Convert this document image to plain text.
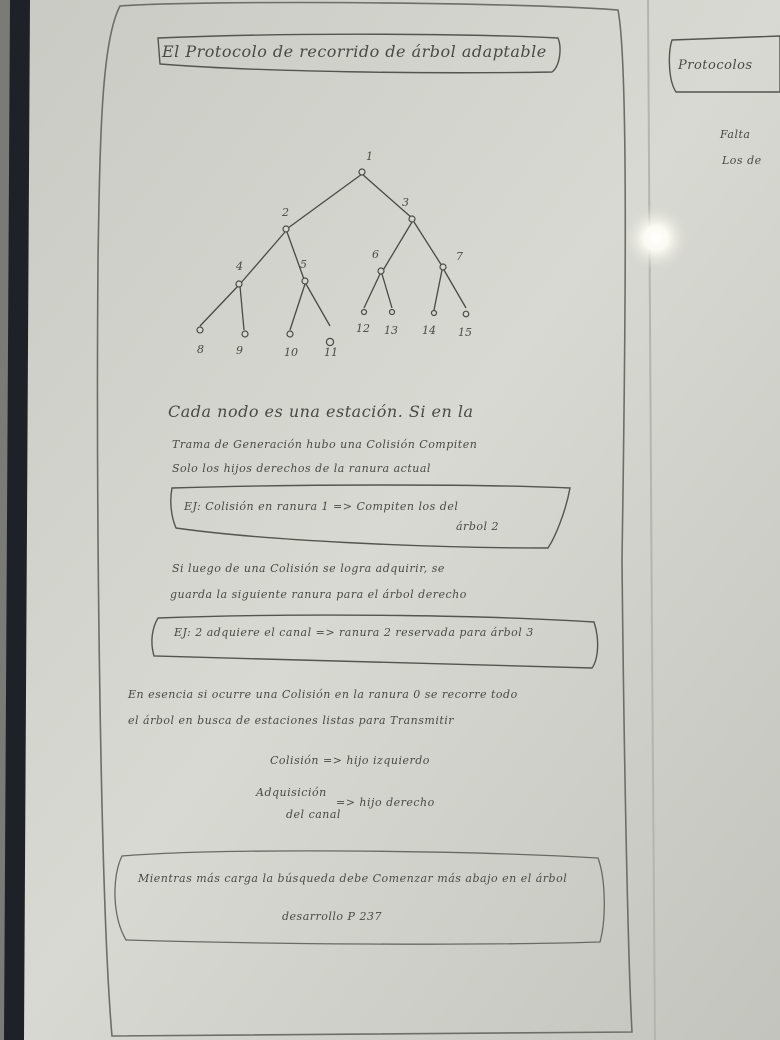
El Protocolo de recorrido de árbol adaptable
Protocolos
Falta
Los de
1
2
3
4	5
6	7
8	9	10 11
12 13 14 15
Cada nodo es una estación. Si en la
Trama de Generación hubo una Colisión Compiten
Solo los hijos derechos de la ranura actual
EJ: Colisión en ranura 1 => Compiten los del
árbol 2
Si luego de una Colisión se logra adquirir, se
guarda la siguiente ranura para el árbol derecho
EJ: 2 adquiere el canal => ranura 2 reservada para árbol 3
En esencia si ocurre una Colisión en la ranura 0 se recorre todo
el árbol en busca de estaciones listas para Transmitir
Colisión => hijo izquierdo
Adquisición
del canal
=> hijo derecho
Mientras más carga la búsqueda debe Comenzar más abajo en el árbol
desarrollo P 237
